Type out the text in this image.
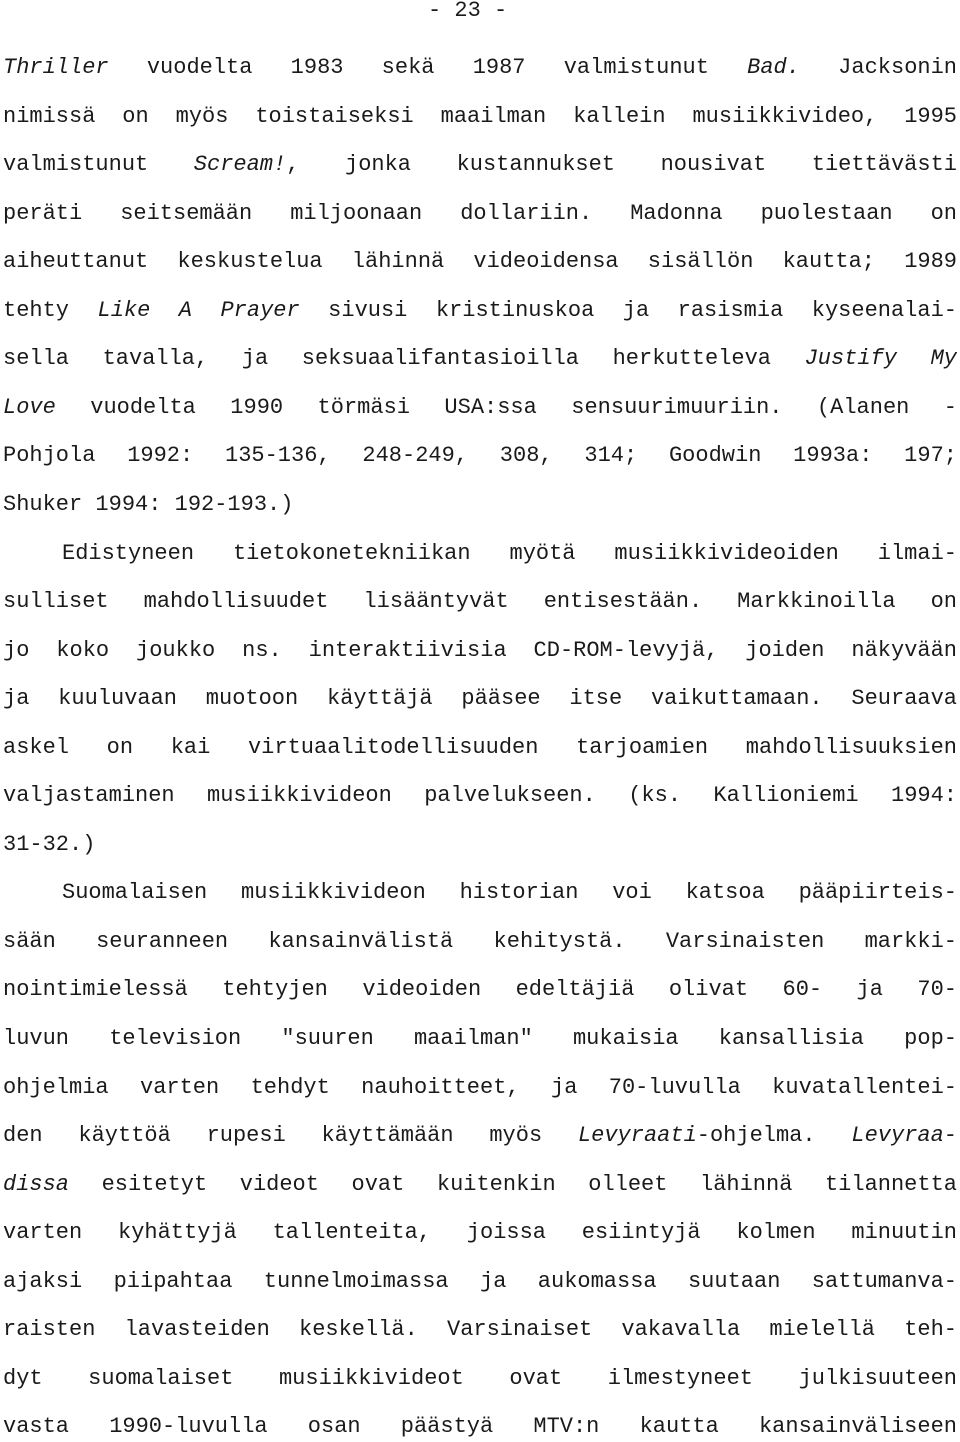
- 23 -
Thriller vuodelta 1983 sekä 1987 valmistunut Bad. Jacksonin
nimissä on myös toistaiseksi maailman kallein musiikkivideo, 1995
valmistunut Scream!, jonka kustannukset nousivat tiettävästi
peräti seitsemään miljoonaan dollariin. Madonna puolestaan on
aiheuttanut keskustelua lähinnä videoidensa sisällön kautta; 1989
tehty Like A Prayer sivusi kristinuskoa ja rasismia kyseenalai-
sella tavalla, ja seksuaalifantasioilla herkutteleva Justify My
Love vuodelta 1990 törmäsi USA:ssa sensuurimuuriin. (Alanen -
Pohjola 1992: 135-136, 248-249, 308, 314; Goodwin 1993a: 197;
Shuker 1994: 192-193.)
Edistyneen tietokonetekniikan myötä musiikkivideoiden ilmai-
sulliset mahdollisuudet lisääntyvät entisestään. Markkinoilla on
jo koko joukko ns. interaktiivisia CD-ROM-levyjä, joiden näkyvään
ja kuuluvaan muotoon käyttäjä pääsee itse vaikuttamaan. Seuraava
askel on kai virtuaalitodellisuuden tarjoamien mahdollisuuksien
valjastaminen musiikkivideon palvelukseen. (ks. Kallioniemi 1994:
31-32.)
Suomalaisen musiikkivideon historian voi katsoa pääpiirteis-
sään seuranneen kansainvälistä kehitystä. Varsinaisten markki-
nointimielessä tehtyjen videoiden edeltäjiä olivat 60- ja 70-
luvun television "suuren maailman" mukaisia kansallisia pop-
ohjelmia varten tehdyt nauhoitteet, ja 70-luvulla kuvatallentei-
den käyttöä rupesi käyttämään myös Levyraati-ohjelma. Levyraa-
dissa esitetyt videot ovat kuitenkin olleet lähinnä tilannetta
varten kyhättyjä tallenteita, joissa esiintyjä kolmen minuutin
ajaksi piipahtaa tunnelmoimassa ja aukomassa suutaan sattumanva-
raisten lavasteiden keskellä. Varsinaiset vakavalla mielellä teh-
dyt suomalaiset musiikkivideot ovat ilmestyneet julkisuuteen
vasta 1990-luvulla osan päästyä MTV:n kautta kansainväliseen
